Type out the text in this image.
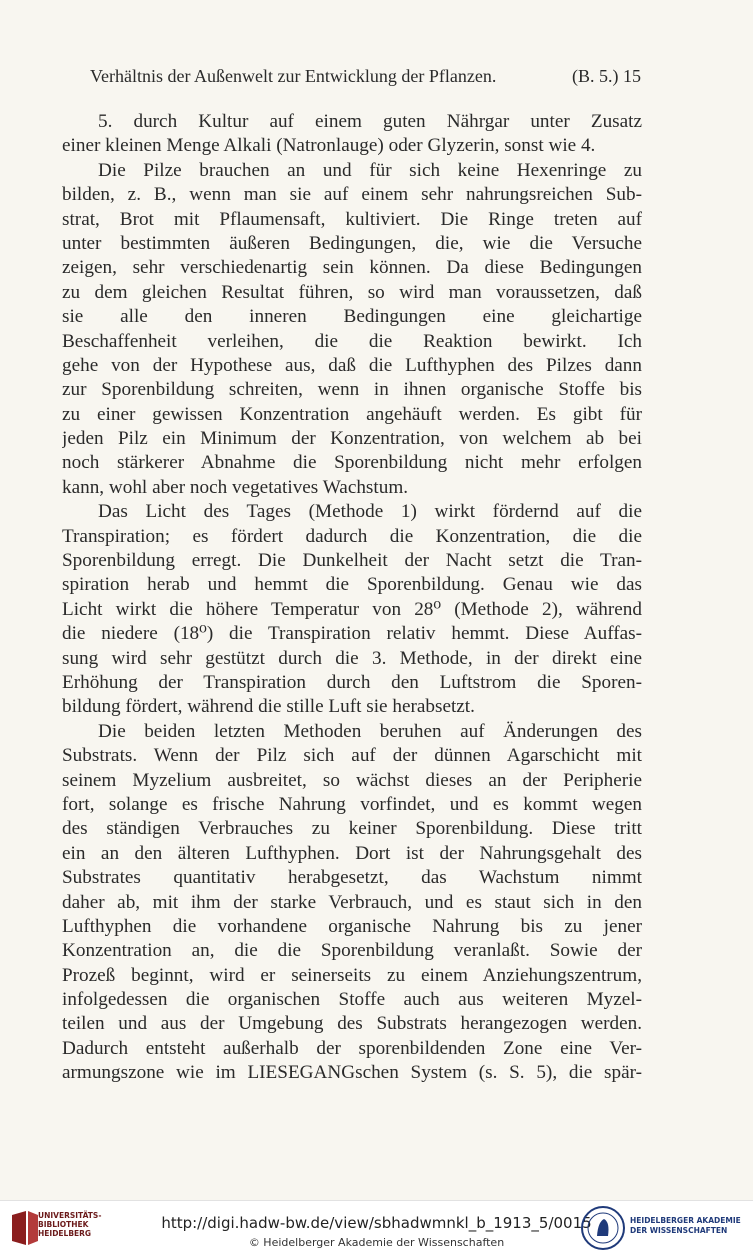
Verhältnis der Außenwelt zur Entwicklung der Pflanzen.	(B. 5.) 15
5. durch Kultur auf einem guten Nährgar unter Zusatz
einer kleinen Menge Alkali (Natronlauge) oder Glyzerin, sonst wie 4.
Die Pilze brauchen an und für sich keine Hexenringe zu
bilden, z. B., wenn man sie auf einem sehr nahrungsreichen Sub-
strat, Brot mit Pflaumensaft, kultiviert. Die Ringe treten auf
unter bestimmten äußeren Bedingungen, die, wie die Versuche
zeigen, sehr verschiedenartig sein können. Da diese Bedingungen
zu dem gleichen Resultat führen, so wird man voraussetzen, daß
sie alle den inneren Bedingungen eine gleichartige
Beschaffenheit verleihen, die die Reaktion bewirkt. Ich
gehe von der Hypothese aus, daß die Lufthyphen des Pilzes dann
zur Sporenbildung schreiten, wenn in ihnen organische Stoffe bis
zu einer gewissen Konzentration angehäuft werden. Es gibt für
jeden Pilz ein Minimum der Konzentration, von welchem ab bei
noch stärkerer Abnahme die Sporenbildung nicht mehr erfolgen
kann, wohl aber noch vegetatives Wachstum.
Das Licht des Tages (Methode 1) wirkt fördernd auf die
Transpiration; es fördert dadurch die Konzentration, die die
Sporenbildung erregt. Die Dunkelheit der Nacht setzt die Tran-
spiration herab und hemmt die Sporenbildung. Genau wie das
Licht wirkt die höhere Temperatur von 28⁰ (Methode 2), während
die niedere (18⁰) die Transpiration relativ hemmt. Diese Auffas-
sung wird sehr gestützt durch die 3. Methode, in der direkt eine
Erhöhung der Transpiration durch den Luftstrom die Sporen-
bildung fördert, während die stille Luft sie herabsetzt.
Die beiden letzten Methoden beruhen auf Änderungen des
Substrats. Wenn der Pilz sich auf der dünnen Agarschicht mit
seinem Myzelium ausbreitet, so wächst dieses an der Peripherie
fort, solange es frische Nahrung vorfindet, und es kommt wegen
des ständigen Verbrauches zu keiner Sporenbildung. Diese tritt
ein an den älteren Lufthyphen. Dort ist der Nahrungsgehalt des
Substrates quantitativ herabgesetzt, das Wachstum nimmt
daher ab, mit ihm der starke Verbrauch, und es staut sich in den
Lufthyphen die vorhandene organische Nahrung bis zu jener
Konzentration an, die die Sporenbildung veranlaßt. Sowie der
Prozeß beginnt, wird er seinerseits zu einem Anziehungszentrum,
infolgedessen die organischen Stoffe auch aus weiteren Myzel-
teilen und aus der Umgebung des Substrats herangezogen werden.
Dadurch entsteht außerhalb der sporenbildenden Zone eine Ver-
armungszone wie im LIESEGANGschen System (s. S. 5), die spär-
UNIVERSITÄTS-
BIBLIOTHEK
HEIDELBERG
http://digi.hadw-bw.de/view/sbhadwmnkl_b_1913_5/0015
© Heidelberger Akademie der Wissenschaften
HEIDELBERGER AKADEMIE
DER WISSENSCHAFTEN
